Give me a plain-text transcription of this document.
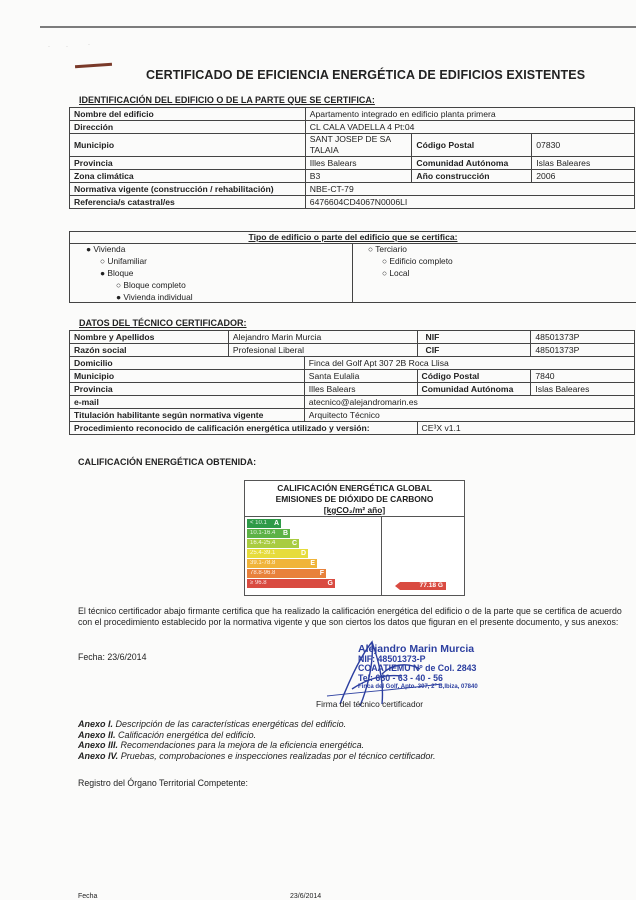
·	·	·
CERTIFICADO DE EFICIENCIA ENERGÉTICA DE EDIFICIOS EXISTENTES
IDENTIFICACIÓN DEL EDIFICIO O DE LA PARTE QUE SE CERTIFICA:
Nombre del edificio	Apartamento integrado en edificio planta primera		
Dirección	CL CALA VADELLA 4 Pt:04		
Municipio	SANT JOSEP DE SA TALAIA	Código Postal	07830
Provincia	Illes Balears	Comunidad Autónoma	Islas Baleares
Zona climática	B3	Año construcción	2006
Normativa vigente (construcción / rehabilitación)	NBE-CT-79		
Referencia/s catastral/es	6476604CD4067N0006LI		
Tipo de edificio o parte del edificio que se certifica:
● Vivienda
○ Unifamiliar
● Bloque
○ Bloque completo
● Vivienda individual
○ Terciario
○ Edificio completo
○ Local
DATOS DEL TÉCNICO CERTIFICADOR:
Nombre y Apellidos	Alejandro Marin Murcia		NIF	48501373P
Razón social	Profesional Liberal		CIF	48501373P
Domicilio		Finca del Golf Apt 307 2B Roca Llisa		
Municipio		Santa Eulalia	Código Postal	7840
Provincia		Illes Balears	Comunidad Autónoma	Islas Baleares
e-mail		atecnico@alejandromarin.es		
Titulación habilitante según normativa vigente		Arquitecto Técnico		
Procedimiento reconocido de calificación energética utilizado y versión:			CE³X v1.1	
CALIFICACIÓN ENERGÉTICA OBTENIDA:
CALIFICACIÓN ENERGÉTICA GLOBAL
EMISIONES DE DIÓXIDO DE CARBONO
[kgCO₂/m² año]
< 10.1 A
10.1-16.4 B
16.4-25.4 C
25.4-39.1	D
39.1-78.8	E
78.8-96.8	F
≥ 96.8	G	77.18 G
El técnico certificador abajo firmante certifica que ha realizado la calificación energética del edificio o de la parte que se certifica de acuerdo con el procedimiento establecido por la normativa vigente y que son ciertos los datos que figuran en el presente documento, y sus anexos:
Fecha: 23/6/2014
Alejandro Marin Murcia
NIF: 48501373-P
COAATIEMU Nº de Col. 2843
Tel: 680 - 63 - 40 - 56
Finca del Golf, Apto. 307, 2º B,Ibiza, 07840
Firma del técnico certificador
Anexo I. Descripción de las características energéticas del edificio.
Anexo II. Calificación energética del edificio.
Anexo III. Recomendaciones para la mejora de la eficiencia energética.
Anexo IV. Pruebas, comprobaciones e inspecciones realizadas por el técnico certificador.
Registro del Órgano Territorial Competente:
Fecha	23/6/2014
